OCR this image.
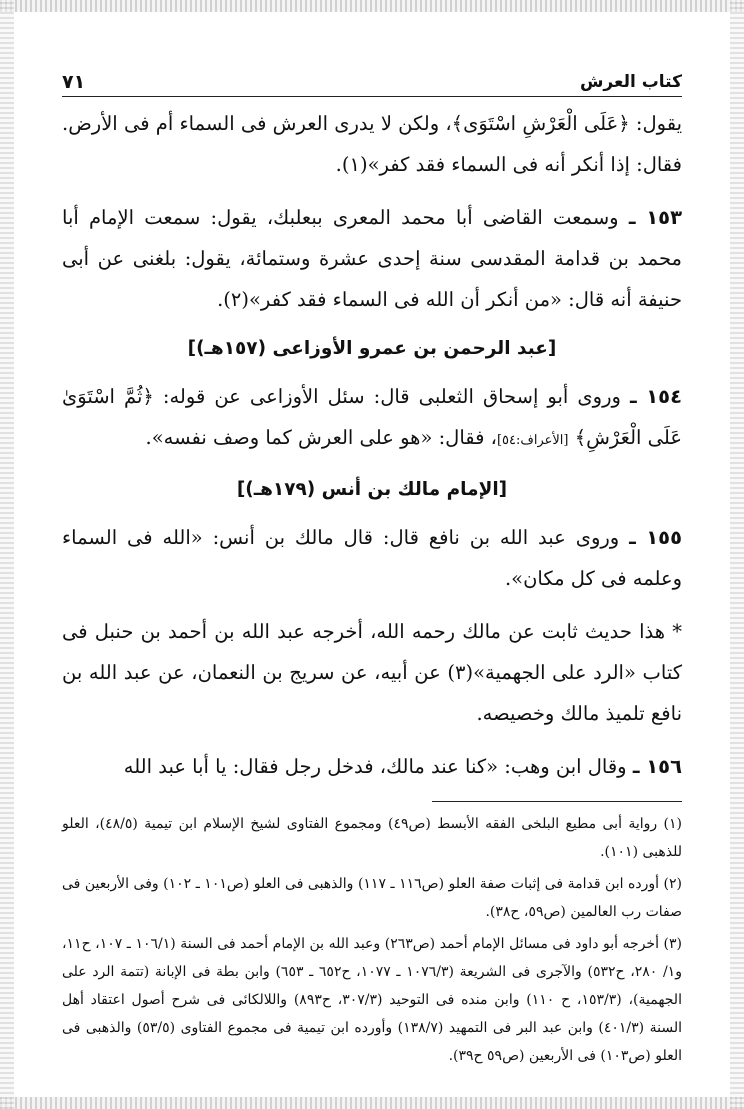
كتاب العرش
٧١

يقول: ﴿عَلَى الْعَرْشِ اسْتَوَى﴾، ولكن لا يدرى العرش فى السماء أم فى الأرض. فقال: إذا أنكر أنه فى السماء فقد كفر»(١).

١٥٣ ـ وسمعت القاضى أبا محمد المعرى ببعلبك، يقول: سمعت الإمام أبا محمد بن قدامة المقدسى سنة إحدى عشرة وستمائة، يقول: بلغنى عن أبى حنيفة أنه قال: «من أنكر أن الله فى السماء فقد كفر»(٢).

[عبد الرحمن بن عمرو الأوزاعى (١٥٧هـ)]

١٥٤ ـ وروى أبو إسحاق الثعلبى قال: سئل الأوزاعى عن قوله: ﴿ثُمَّ اسْتَوَىٰ عَلَى الْعَرْشِ﴾ [الأعراف:٥٤]، فقال: «هو على العرش كما وصف نفسه».

[الإمام مالك بن أنس (١٧٩هـ)]

١٥٥ ـ وروى عبد الله بن نافع قال: قال مالك بن أنس: «الله فى السماء وعلمه فى كل مكان».

* هذا حديث ثابت عن مالك رحمه الله، أخرجه عبد الله بن أحمد بن حنبل فى كتاب «الرد على الجهمية»(٣) عن أبيه، عن سريج بن النعمان، عن عبد الله بن نافع تلميذ مالك وخصيصه.

١٥٦ ـ وقال ابن وهب: «كنا عند مالك، فدخل رجل فقال: يا أبا عبد الله

(١) رواية أبى مطيع البلخى الفقه الأبسط (ص٤٩) ومجموع الفتاوى لشيخ الإسلام ابن تيمية (٤٨/٥)، العلو للذهبى (١٠١).

(٢) أورده ابن قدامة فى إثبات صفة العلو (ص١١٦ ـ ١١٧) والذهبى فى العلو (ص١٠١ ـ ١٠٢) وفى الأربعين فى صفات رب العالمين (ص٥٩، ح٣٨).

(٣) أخرجه أبو داود فى مسائل الإمام أحمد (ص٢٦٣) وعبد الله بن الإمام أحمد فى السنة (١٠٦/١ ـ ١٠٧، ح١١، و١/ ٢٨٠، ح٥٣٢) والآجرى فى الشريعة (١٠٧٦/٣ ـ ١٠٧٧، ح٦٥٢ ـ ٦٥٣) وابن بطة فى الإبانة (تتمة الرد على الجهمية)، (١٥٣/٣، ح ١١٠) وابن منده فى التوحيد (٣٠٧/٣، ح٨٩٣) واللالكائى فى شرح أصول اعتقاد أهل السنة (٤٠١/٣) وابن عبد البر فى التمهيد (١٣٨/٧) وأورده ابن تيمية فى مجموع الفتاوى (٥٣/٥) والذهبى فى العلو (ص١٠٣) فى الأربعين (ص٥٩ ح٣٩).
